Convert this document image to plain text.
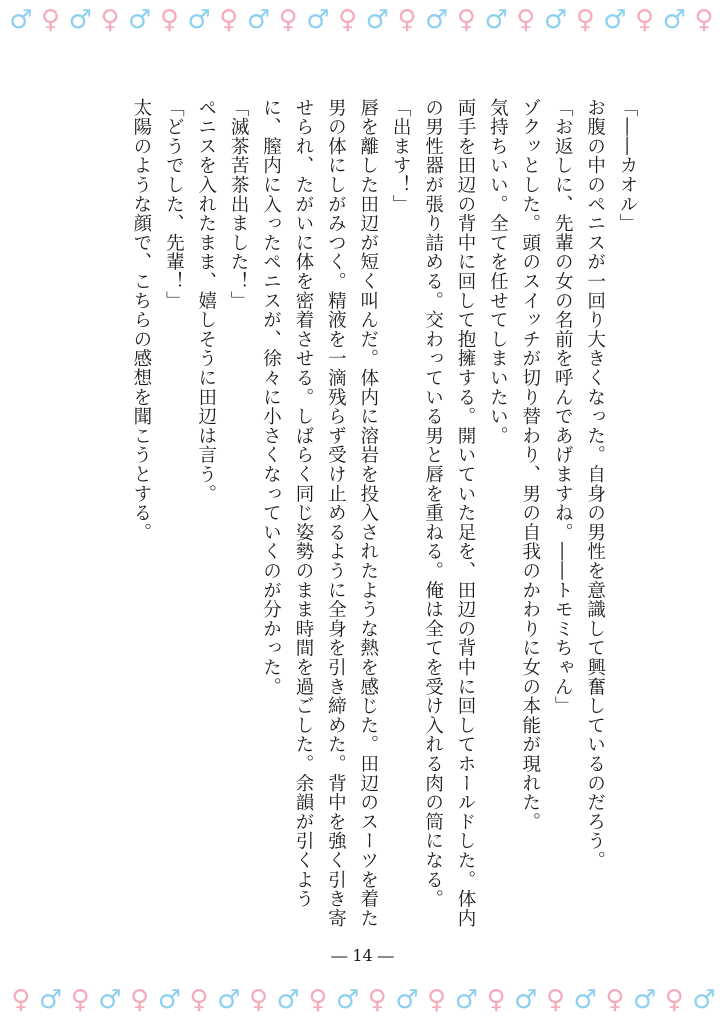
♂ ♀ ♂ ♀ ♂ ♀ ♂ ♀ ♂ ♀ ♂ ♀ ♂ ♀ ♂ ♀ ♂ ♀ ♂ ♀ ♂ ♀ ♂ ♀

「――カオル」

お腹の中のペニスが一回り大きくなった。自身の男性を意識して興奮しているのだろう。

「お返しに、先輩の女の名前を呼んであげますね。――トモミちゃん」

ゾクッとした。頭のスイッチが切り替わり、男の自我のかわりに女の本能が現れた。

気持ちいい。全てを任せてしまいたい。

両手を田辺の背中に回して抱擁する。開いていた足を、田辺の背中に回してホールドした。体内の男性器が張り詰める。交わっている男と唇を重ねる。俺は全てを受け入れる肉の筒になる。

「出ます！」

唇を離した田辺が短く叫んだ。体内に溶岩を投入されたような熱を感じた。田辺のスーツを着た男の体にしがみつく。精液を一滴残らず受け止めるように全身を引き締めた。背中を強く引き寄せられ、たがいに体を密着させる。しばらく同じ姿勢のまま時間を過ごした。余韻が引くように、膣内に入ったペニスが、徐々に小さくなっていくのが分かった。

「滅茶苦茶出ました！」

ペニスを入れたまま、嬉しそうに田辺は言う。

「どうでした、先輩！」

太陽のような顔で、こちらの感想を聞こうとする。

― 14 ―
♀ ♂ ♀ ♂ ♀ ♂ ♀ ♂ ♀ ♂ ♀ ♂ ♀ ♂ ♀ ♂ ♀ ♂ ♀ ♂ ♀ ♂ ♀ ♂
